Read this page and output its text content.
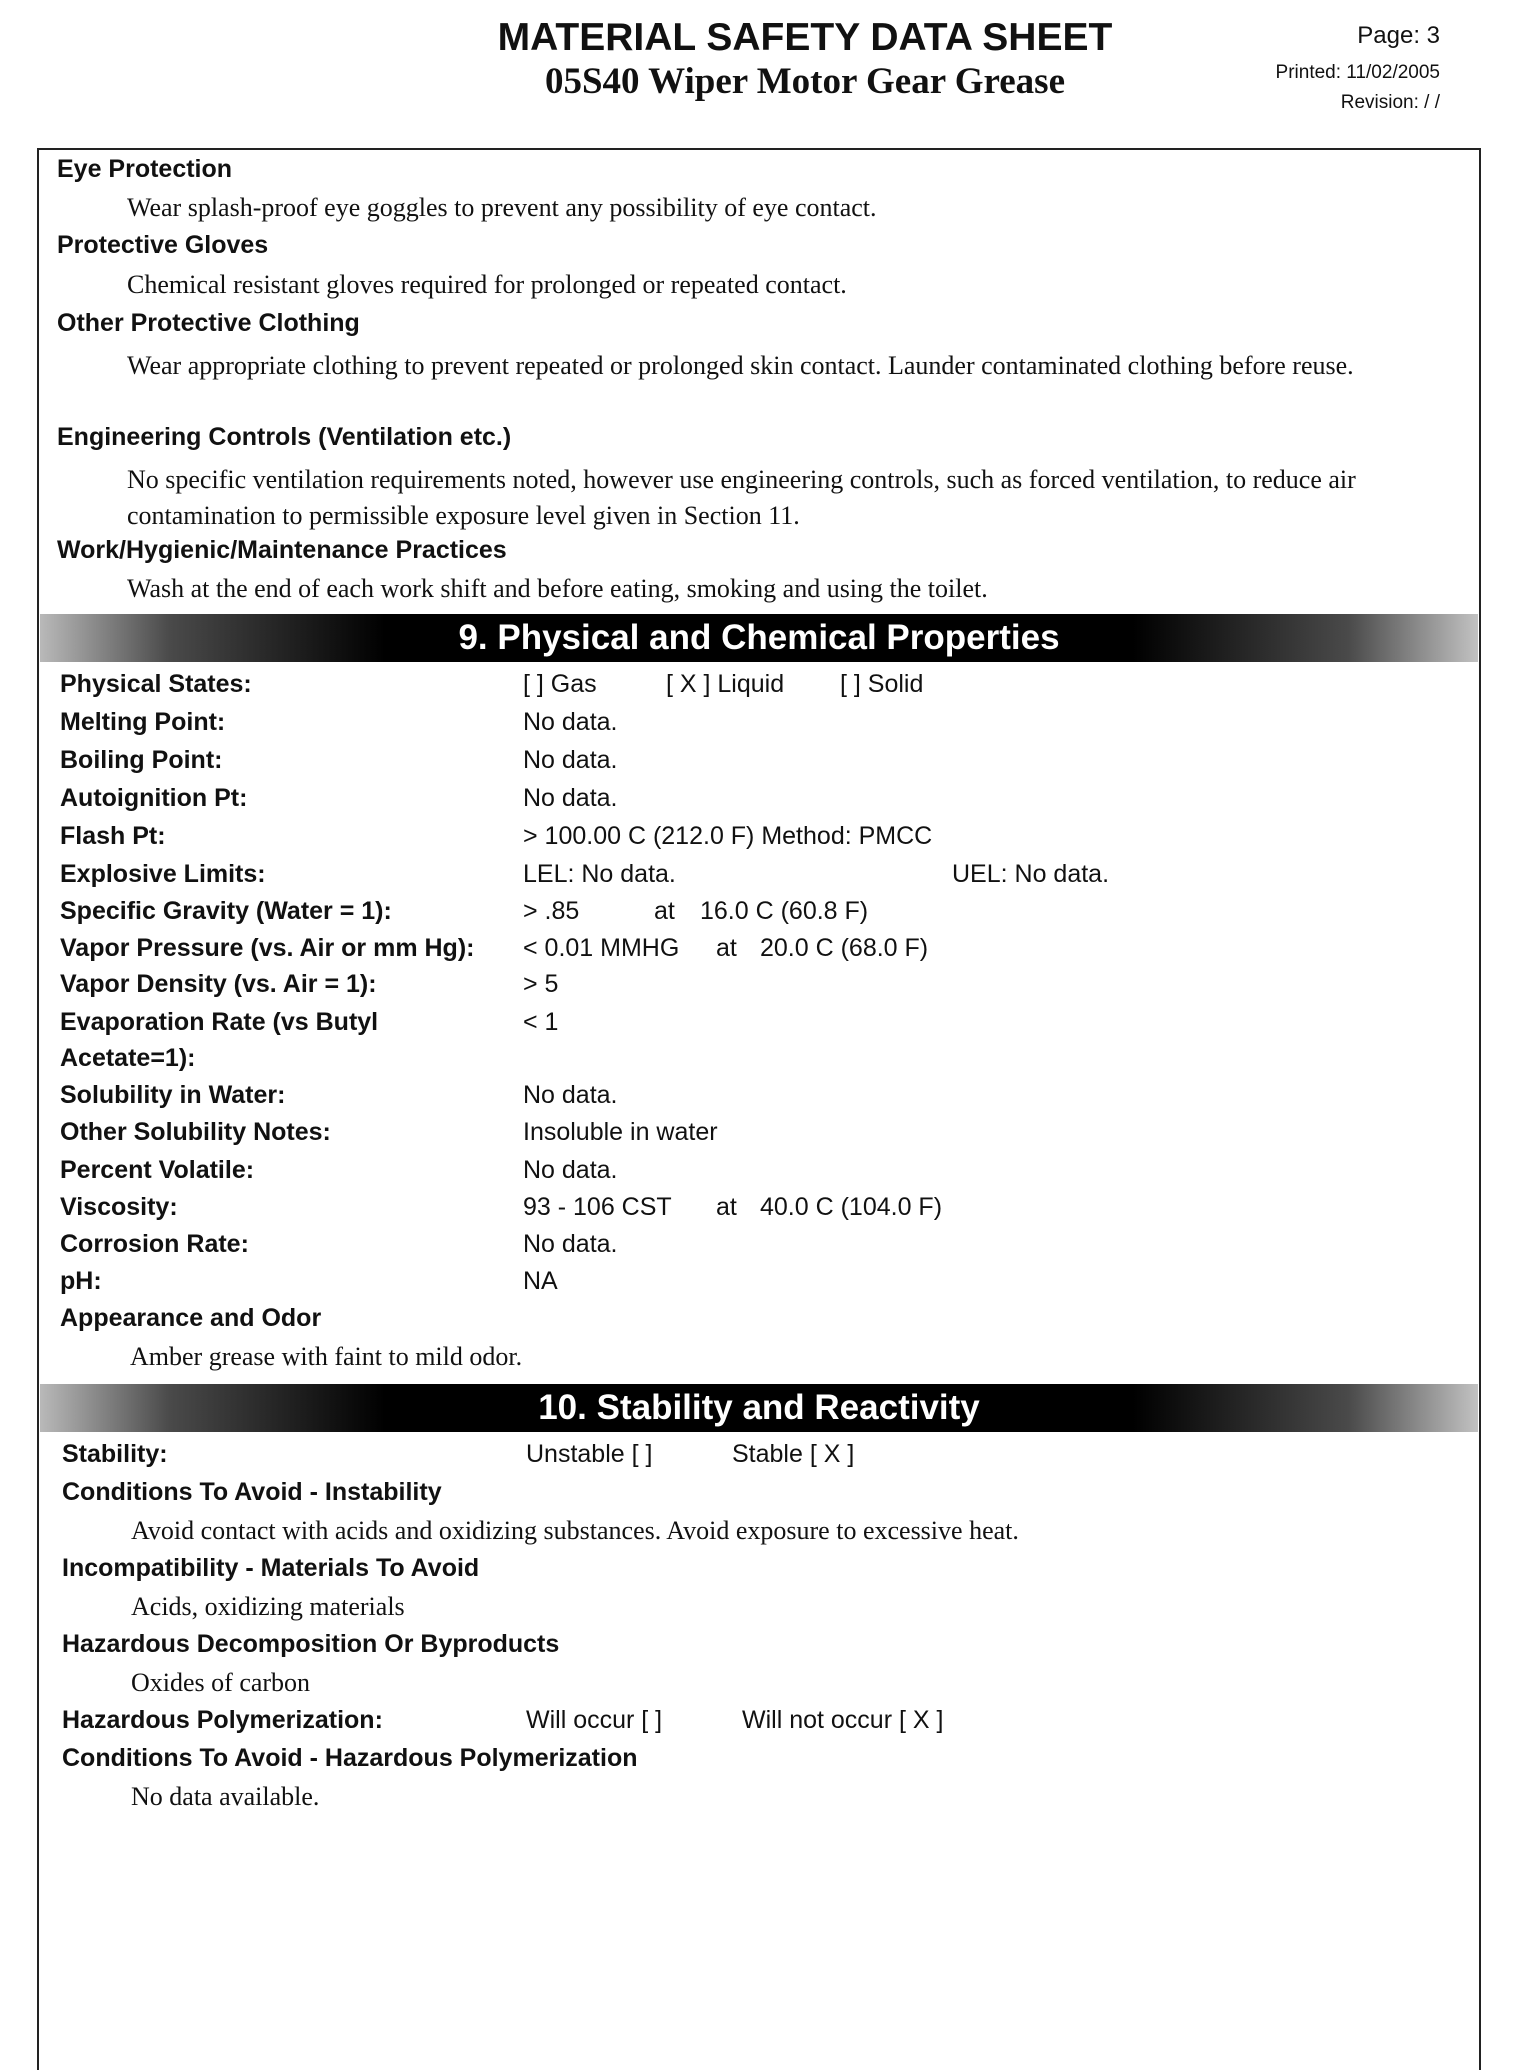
MATERIAL SAFETY DATA SHEET
05S40 Wiper Motor Gear Grease
Page: 3
Printed: 11/02/2005
Revision: / /
Eye Protection
Wear splash-proof eye goggles to prevent any possibility of eye contact.
Protective Gloves
Chemical resistant gloves required for prolonged or repeated contact.
Other Protective Clothing
Wear appropriate clothing to prevent repeated or prolonged skin contact. Launder contaminated clothing before reuse.
Engineering Controls (Ventilation etc.)
No specific ventilation requirements noted, however use engineering controls, such as forced ventilation, to reduce air contamination to permissible exposure level given in Section 11.
Work/Hygienic/Maintenance Practices
Wash at the end of each work shift and before eating, smoking and using the toilet.
9. Physical and Chemical Properties
Physical States:	[ ] Gas	[ X ] Liquid [ ] Solid
Melting Point:	No data.
Boiling Point:	No data.
Autoignition Pt:	No data.
Flash Pt:	> 100.00 C (212.0 F) Method: PMCC
Explosive Limits:	LEL: No data.	UEL: No data.
Specific Gravity (Water = 1):	> .85	at 16.0 C (60.8 F)
Vapor Pressure (vs. Air or mm Hg): < 0.01 MMHG at 20.0 C (68.0 F)
Vapor Density (vs. Air = 1):	> 5
Evaporation Rate (vs Butyl
Acetate=1):
< 1
Solubility in Water:	No data.
Other Solubility Notes:	Insoluble in water
Percent Volatile:	No data.
Viscosity:	93 - 106 CST at 40.0 C (104.0 F)
Corrosion Rate:	No data.
pH:	NA
Appearance and Odor
Amber grease with faint to mild odor.
10. Stability and Reactivity
Stability:	Unstable [ ]	Stable [ X ]
Conditions To Avoid - Instability
Avoid contact with acids and oxidizing substances. Avoid exposure to excessive heat.
Incompatibility - Materials To Avoid
Acids, oxidizing materials
Hazardous Decomposition Or Byproducts
Oxides of carbon
Hazardous Polymerization:	Will occur [ ]	Will not occur [ X ]
Conditions To Avoid - Hazardous Polymerization
No data available.
